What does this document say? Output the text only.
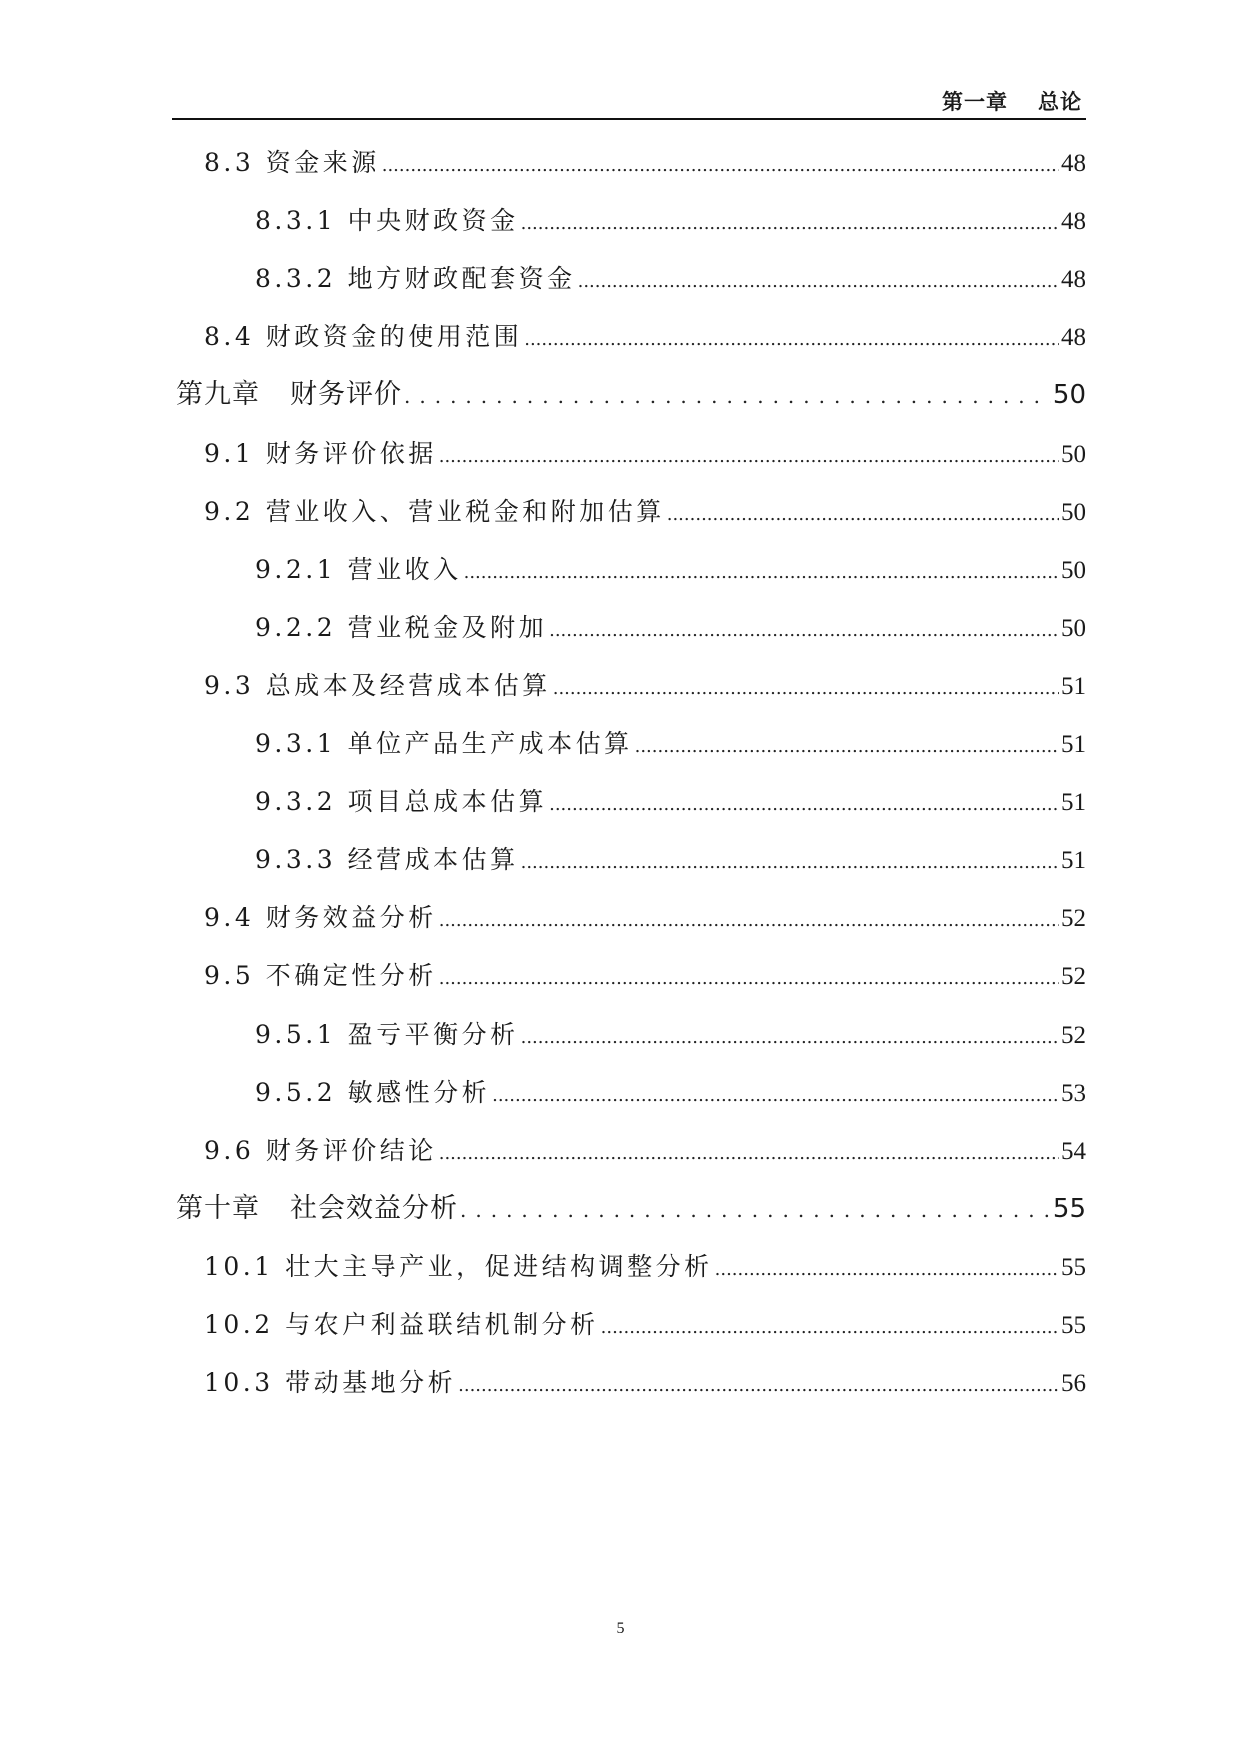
第一章 总论
8.3 资金来源 .....	48
8.3.1 中央财政资金 .....	48
8.3.2 地方财政配套资金 .....	48
8.4 财政资金的使用范围 .....	48
第九章 财务评价 .....	50
9.1 财务评价依据 .....	50
9.2 营业收入、营业税金和附加估算 .....	50
9.2.1 营业收入 .....	50
9.2.2 营业税金及附加 .....	50
9.3 总成本及经营成本估算 .....	51
9.3.1 单位产品生产成本估算 .....	51
9.3.2 项目总成本估算 .....	51
9.3.3 经营成本估算 .....	51
9.4 财务效益分析 .....	52
9.5 不确定性分析 .....	52
9.5.1 盈亏平衡分析 .....	52
9.5.2 敏感性分析 .....	53
9.6 财务评价结论 .....	54
第十章 社会效益分析 .....	55
10.1 壮大主导产业，促进结构调整分析 .....	55
10.2 与农户利益联结机制分析 .....	55
10.3 带动基地分析 .....	56
5
